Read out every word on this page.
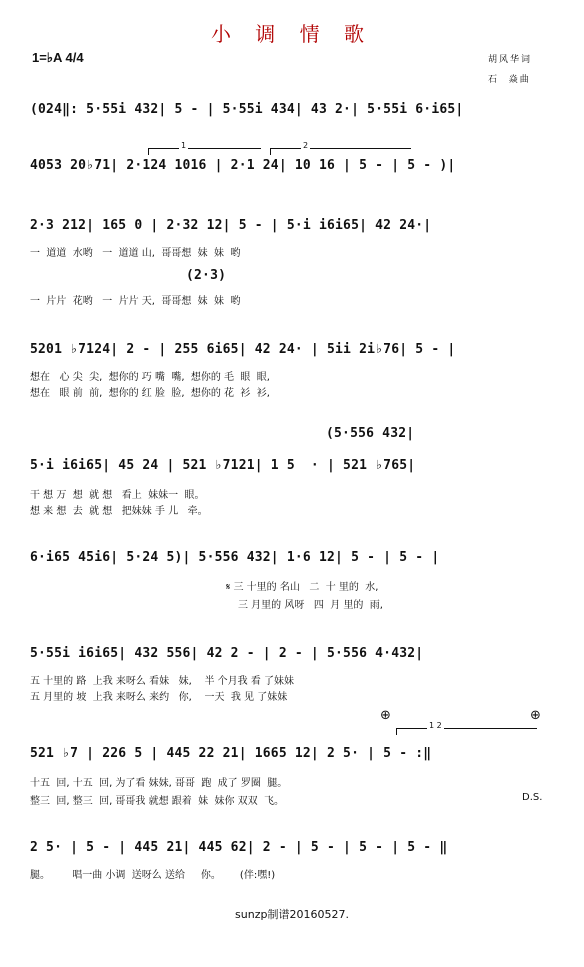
小 调 情 歌
1=♭A 4/4	胡风华词
石  焱曲
(024‖: 5·55i 432| 5 - | 5·55i 434| 43 2·| 5·55i 6·i65|
1	2
4053 20♭71| 2·124 1016 | 2·1 24| 10 16 | 5 - | 5 - )|
2·3 212| 165 0 | 2·32 12| 5 - | 5·i i6i65| 42 24·|
一  道道  水哟   一  道道 山,  哥哥想  妹  妹  哟
(2·3)
一  片片  花哟   一  片片 天,  哥哥想  妹  妹  哟
5201 ♭7124| 2 - | 255 6i65| 42 24· | 5ii 2i♭76| 5 - |
想在   心 尖  尖,  想你的 巧 嘴  嘴,  想你的 毛  眼  眼,
想在   眼 前  前,  想你的 红 脸  脸,  想你的 花  衫  衫,
(5·556 432|
5·i i6i65| 45 24 | 521 ♭7121| 1 5  · | 521 ♭765|
干 想 万  想  就 想   看上  妹妹一  眼。
想 来 想  去  就 想   把妹妹 手 儿   牵。
6·i65 45i6| 5·24 5)| 5·556 432| 1·6 12| 5 - | 5 - |
𝄋 三 十里的 名山   二  十 里的  水,
三 月里的 风呀   四  月 里的  雨,
5·55i i6i65| 432 556| 42 2 - | 2 - | 5·556 4·432|
五 十里的 路  上我 来呀么 看妹   妹,    半 个月我 看 了妹妹
五 月里的 坡  上我 来呀么 来约   你,    一天  我 见 了妹妹
⊕	⊕
1 2
521 ♭7 | 226 5 | 445 22 21| 1665 12| 2 5· | 5 - :‖
十五  回, 十五  回, 为了看 妹妹, 哥哥  跑  成了 罗圈  腿。
整三  回, 整三  回, 哥哥我 就想 跟着  妹  妹你 双双  飞。	D.S.
2 5· | 5 - | 445 21| 445 62| 2 - | 5 - | 5 - | 5 - ‖
腿。       唱一曲 小调  送呀么 送给     你。      (伴:嘿!)
sunzp制谱20160527.
